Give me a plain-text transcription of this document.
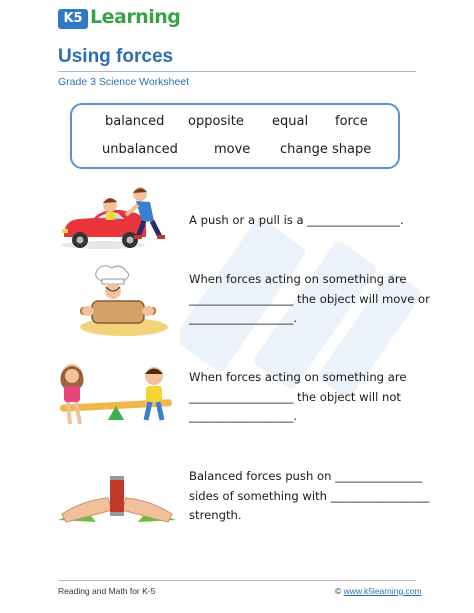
K5 Learning
Using forces
Grade 3 Science Worksheet
balanced opposite equal force
unbalanced	move change shape
A push or a pull is a ________________.
When forces acting on something are
__________________ the object will move or
__________________.
When forces acting on something are
__________________ the object will not
__________________.
Balanced forces push on _______________
sides of something with _________________
strength.
Reading and Math for K-5	© www.k5learning.com
